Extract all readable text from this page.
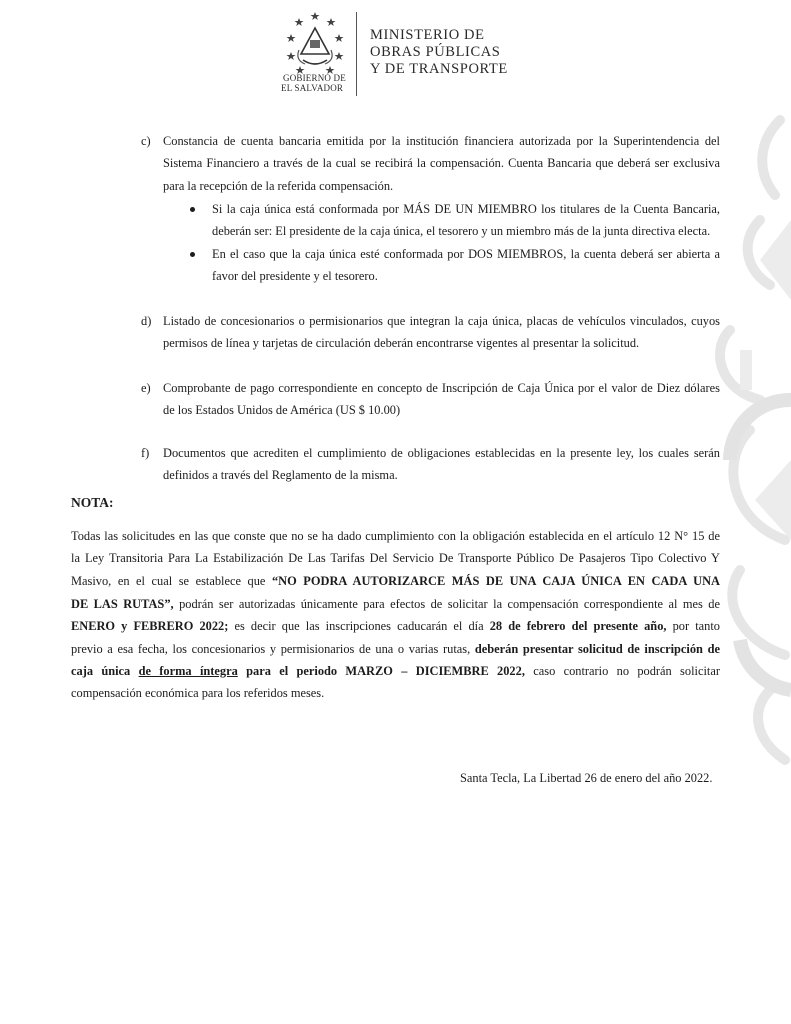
GOBIERNO DE
EL SALVADOR
MINISTERIO DE
OBRAS PÚBLICAS
Y DE TRANSPORTE
c) Constancia de cuenta bancaria emitida por la institución financiera autorizada por la Superintendencia del
Sistema Financiero a través de la cual se recibirá la compensación. Cuenta Bancaria que deberá ser exclusiva
para la recepción de la referida compensación.
Si la caja única está conformada por MÁS DE UN MIEMBRO los titulares de la Cuenta Bancaria,
deberán ser: El presidente de la caja única, el tesorero y un miembro más de la junta directiva electa.
En el caso que la caja única esté conformada por DOS MIEMBROS, la cuenta deberá ser abierta a
favor del presidente y el tesorero.
d) Listado de concesionarios o permisionarios que integran la caja única, placas de vehículos vinculados, cuyos
permisos de línea y tarjetas de circulación deberán encontrarse vigentes al presentar la solicitud.
e) Comprobante de pago correspondiente en concepto de Inscripción de Caja Única por el valor de Diez dólares
de los Estados Unidos de América (US $ 10.00)
f) Documentos que acrediten el cumplimiento de obligaciones establecidas en la presente ley, los cuales serán
definidos a través del Reglamento de la misma.
NOTA:
Todas las solicitudes en las que conste que no se ha dado cumplimiento con la obligación establecida en el artículo 12 N° 15 de
la Ley Transitoria Para La Estabilización De Las Tarifas Del Servicio De Transporte Público De Pasajeros Tipo Colectivo Y
Masivo, en el cual se establece que “NO PODRA AUTORIZARCE MÁS DE UNA CAJA ÚNICA EN CADA UNA
DE LAS RUTAS”, podrán ser autorizadas únicamente para efectos de solicitar la compensación correspondiente al mes de
ENERO y FEBRERO 2022; es decir que las inscripciones caducarán el día 28 de febrero del presente año, por tanto
previo a esa fecha, los concesionarios y permisionarios de una o varias rutas, deberán presentar solicitud de inscripción de
caja única de forma íntegra para el periodo MARZO – DICIEMBRE 2022, caso contrario no podrán solicitar
compensación económica para los referidos meses.
Santa Tecla, La Libertad 26 de enero del año 2022.
